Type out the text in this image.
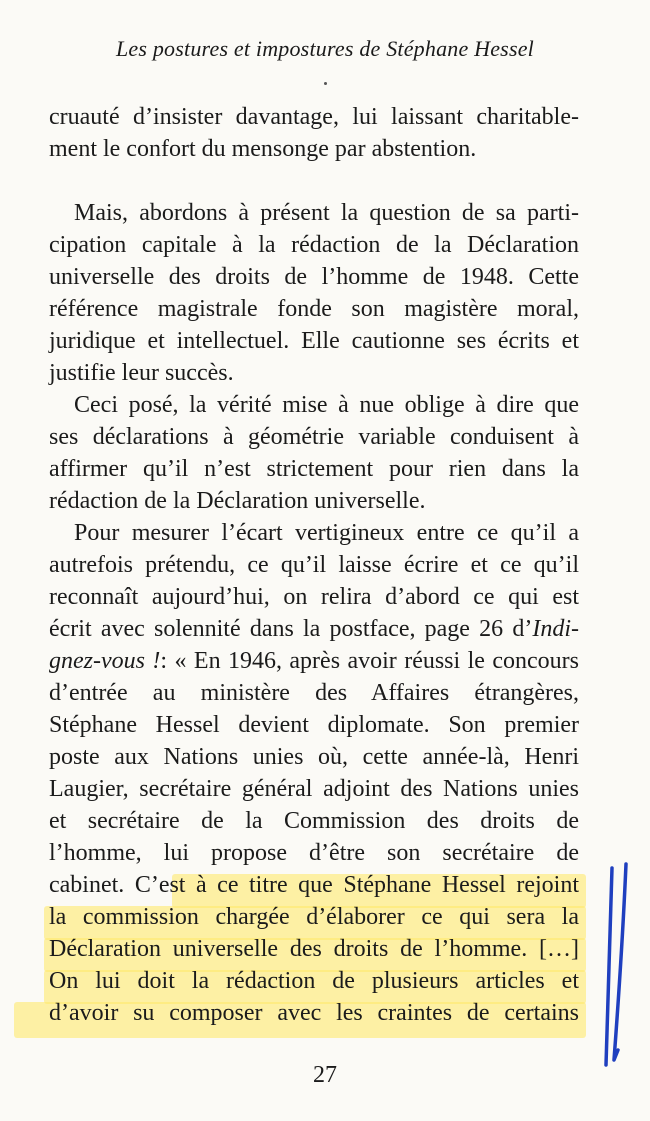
Les postures et impostures de Stéphane Hessel
cruauté d’insister davantage, lui laissant charitable-
ment le confort du mensonge par abstention.
Mais, abordons à présent la question de sa parti-
cipation capitale à la rédaction de la Déclaration
universelle des droits de l’homme de 1948. Cette
référence magistrale fonde son magistère moral,
juridique et intellectuel. Elle cautionne ses écrits et
justifie leur succès.
Ceci posé, la vérité mise à nue oblige à dire que
ses déclarations à géométrie variable conduisent à
affirmer qu’il n’est strictement pour rien dans la
rédaction de la Déclaration universelle.
Pour mesurer l’écart vertigineux entre ce qu’il a
autrefois prétendu, ce qu’il laisse écrire et ce qu’il
reconnaît aujourd’hui, on relira d’abord ce qui est
écrit avec solennité dans la postface, page 26 d’Indi-
gnez-vous !: « En 1946, après avoir réussi le concours
d’entrée au ministère des Affaires étrangères,
Stéphane Hessel devient diplomate. Son premier
poste aux Nations unies où, cette année-là, Henri
Laugier, secrétaire général adjoint des Nations unies
et secrétaire de la Commission des droits de
l’homme, lui propose d’être son secrétaire de
cabinet. C’est à ce titre que Stéphane Hessel rejoint
la commission chargée d’élaborer ce qui sera la
Déclaration universelle des droits de l’homme. […]
On lui doit la rédaction de plusieurs articles et
d’avoir su composer avec les craintes de certains
27
